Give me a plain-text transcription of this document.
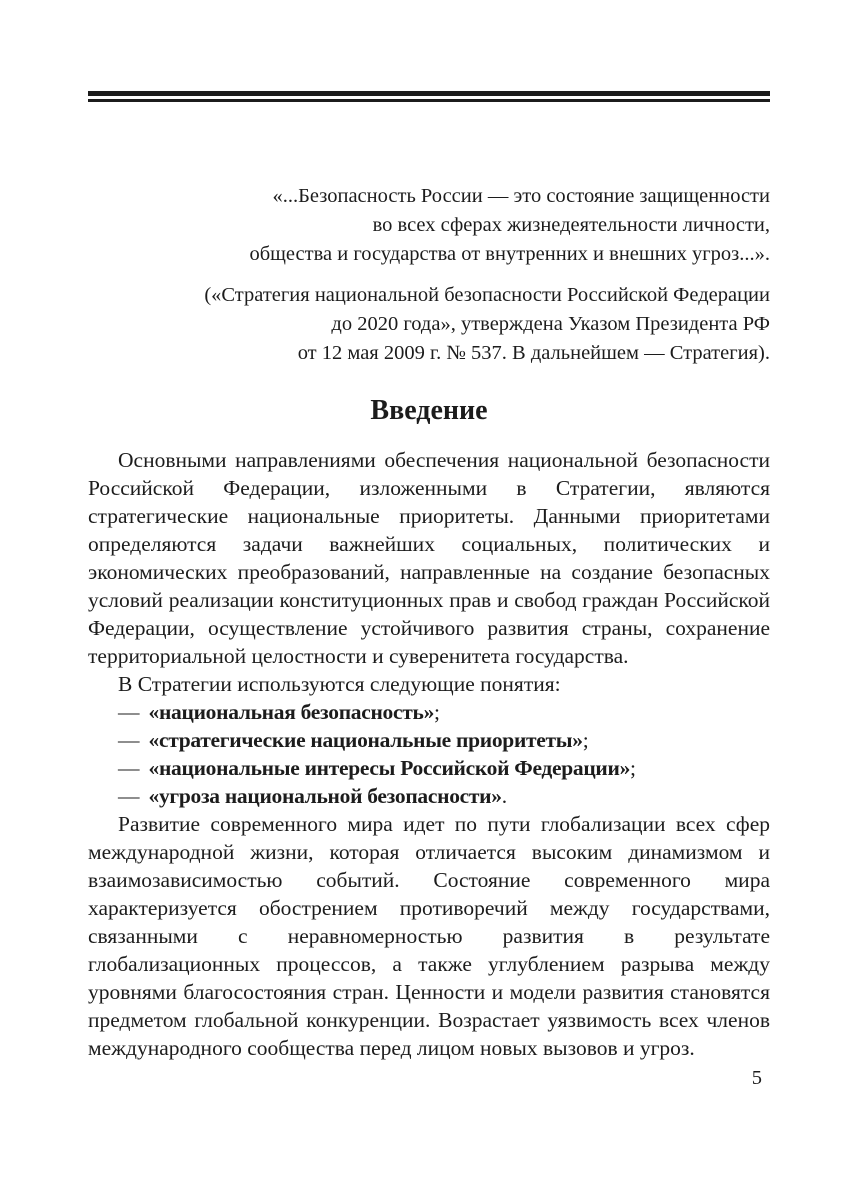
«...Безопасность России — это состояние защищенности
во всех сферах жизнедеятельности личности,
общества и государства от внутренних и внешних угроз...».
(«Стратегия национальной безопасности Российской Федерации
до 2020 года», утверждена Указом Президента РФ
от 12 мая 2009 г. № 537. В дальнейшем — Стратегия).
Введение

Основными направлениями обеспечения национальной безопасности Российской Федерации, изложенными в Стратегии, являются стратегические национальные приоритеты. Данными приоритетами определяются задачи важнейших социальных, политических и экономических преобразований, направленные на создание безопасных условий реализации конституционных прав и свобод граждан Российской Федерации, осуществление устойчивого развития страны, сохранение территориальной целостности и суверенитета государства.

В Стратегии используются следующие понятия:

— «национальная безопасность»;
— «стратегические национальные приоритеты»;
— «национальные интересы Российской Федерации»;
— «угроза национальной безопасности».

Развитие современного мира идет по пути глобализации всех сфер международной жизни, которая отличается высоким динамизмом и взаимозависимостью событий. Состояние современного мира характеризуется обострением противоречий между государствами, связанными с неравномерностью развития в результате глобализационных процессов, а также углублением разрыва между уровнями благосостояния стран. Ценности и модели развития становятся предметом глобальной конкуренции. Возрастает уязвимость всех членов международного сообщества перед лицом новых вызовов и угроз.

5
